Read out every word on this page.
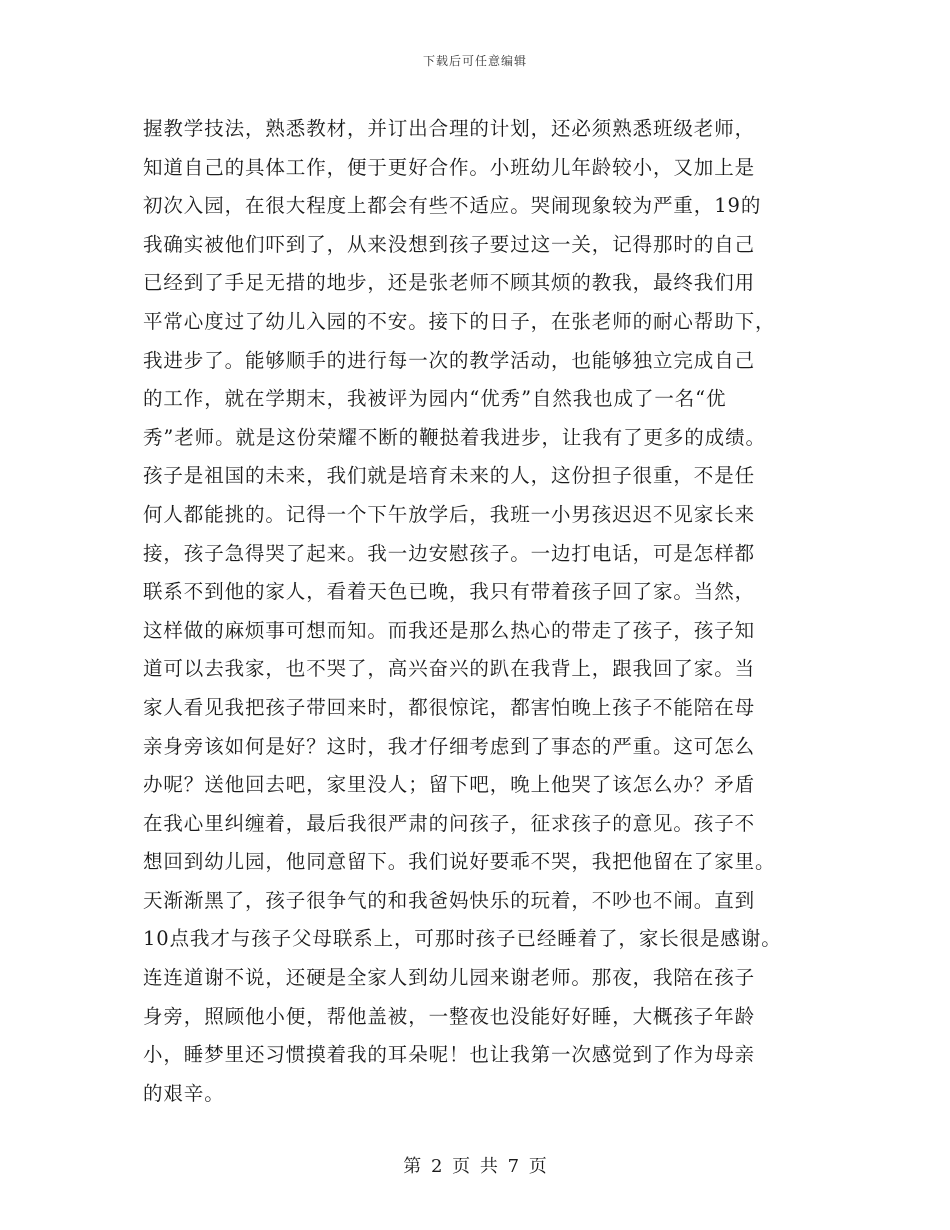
下载后可任意编辑
握教学技法，熟悉教材，并订出合理的计划，还必须熟悉班级老师，
知道自己的具体工作，便于更好合作。小班幼儿年龄较小，又加上是
初次入园，在很大程度上都会有些不适应。哭闹现象较为严重，19的
我确实被他们吓到了，从来没想到孩子要过这一关，记得那时的自己
已经到了手足无措的地步，还是张老师不顾其烦的教我，最终我们用
平常心度过了幼儿入园的不安。接下的日子，在张老师的耐心帮助下，
我进步了。能够顺手的进行每一次的教学活动，也能够独立完成自己
的工作，就在学期末，我被评为园内“优秀”自然我也成了一名“优
秀”老师。就是这份荣耀不断的鞭挞着我进步，让我有了更多的成绩。
孩子是祖国的未来，我们就是培育未来的人，这份担子很重，不是任
何人都能挑的。记得一个下午放学后，我班一小男孩迟迟不见家长来
接，孩子急得哭了起来。我一边安慰孩子。一边打电话，可是怎样都
联系不到他的家人，看着天色已晚，我只有带着孩子回了家。当然，
这样做的麻烦事可想而知。而我还是那么热心的带走了孩子，孩子知
道可以去我家，也不哭了，高兴奋兴的趴在我背上，跟我回了家。当
家人看见我把孩子带回来时，都很惊诧，都害怕晚上孩子不能陪在母
亲身旁该如何是好？这时，我才仔细考虑到了事态的严重。这可怎么
办呢？送他回去吧，家里没人；留下吧，晚上他哭了该怎么办？矛盾
在我心里纠缠着，最后我很严肃的问孩子，征求孩子的意见。孩子不
想回到幼儿园，他同意留下。我们说好要乖不哭，我把他留在了家里。
天渐渐黑了，孩子很争气的和我爸妈快乐的玩着，不吵也不闹。直到
10点我才与孩子父母联系上，可那时孩子已经睡着了，家长很是感谢。
连连道谢不说，还硬是全家人到幼儿园来谢老师。那夜，我陪在孩子
身旁，照顾他小便，帮他盖被，一整夜也没能好好睡，大概孩子年龄
小，睡梦里还习惯摸着我的耳朵呢！也让我第一次感觉到了作为母亲
的艰辛。
第 2 页 共 7 页
